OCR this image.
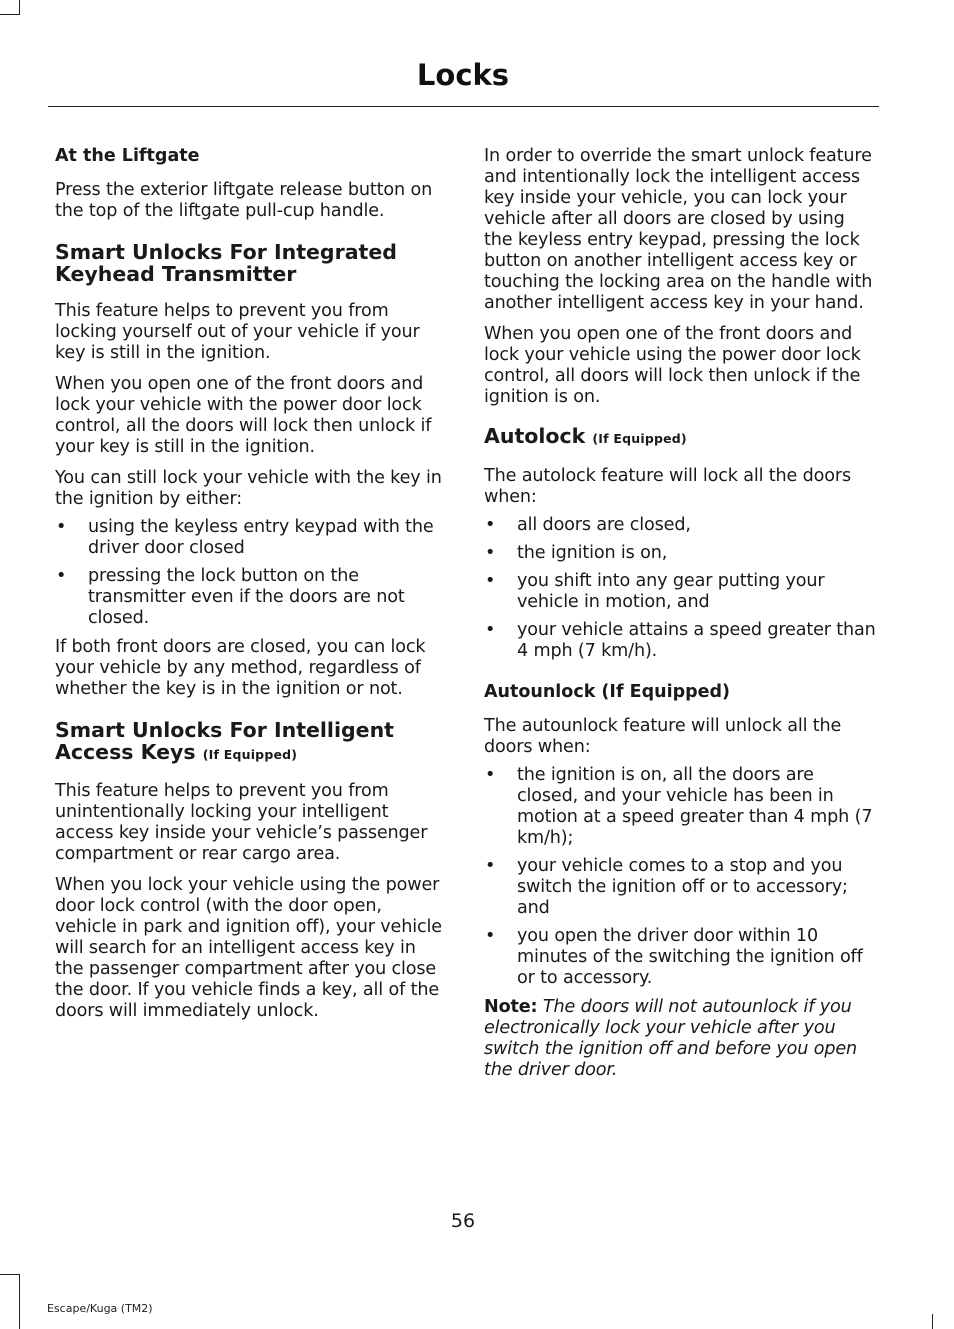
Locks
At the Liftgate

Press the exterior liftgate release button on the top of the liftgate pull-cup handle.

Smart Unlocks For Integrated Keyhead Transmitter

This feature helps to prevent you from locking yourself out of your vehicle if your key is still in the ignition.

When you open one of the front doors and lock your vehicle with the power door lock control, all the doors will lock then unlock if your key is still in the ignition.

You can still lock your vehicle with the key in the ignition by either:

• using the keyless entry keypad with the driver door closed
• pressing the lock button on the transmitter even if the doors are not closed.

If both front doors are closed, you can lock your vehicle by any method, regardless of whether the key is in the ignition or not.

Smart Unlocks For Intelligent Access Keys (If Equipped)

This feature helps to prevent you from unintentionally locking your intelligent access key inside your vehicle’s passenger compartment or rear cargo area.

When you lock your vehicle using the power door lock control (with the door open, vehicle in park and ignition off), your vehicle will search for an intelligent access key in the passenger compartment after you close the door. If you vehicle finds a key, all of the doors will immediately unlock.

In order to override the smart unlock feature and intentionally lock the intelligent access key inside your vehicle, you can lock your vehicle after all doors are closed by using the keyless entry keypad, pressing the lock button on another intelligent access key or touching the locking area on the handle with another intelligent access key in your hand.

When you open one of the front doors and lock your vehicle using the power door lock control, all doors will lock then unlock if the ignition is on.

Autolock (If Equipped)

The autolock feature will lock all the doors when:

• all doors are closed,
• the ignition is on,
• you shift into any gear putting your vehicle in motion, and
• your vehicle attains a speed greater than 4 mph (7 km/h).
Autounlock (If Equipped)

The autounlock feature will unlock all the doors when:

• the ignition is on, all the doors are closed, and your vehicle has been in motion at a speed greater than 4 mph (7 km/h);
• your vehicle comes to a stop and you switch the ignition off or to accessory; and
• you open the driver door within 10 minutes of the switching the ignition off or to accessory.

Note: The doors will not autounlock if you electronically lock your vehicle after you switch the ignition off and before you open the driver door.

56
Escape/Kuga (TM2)
